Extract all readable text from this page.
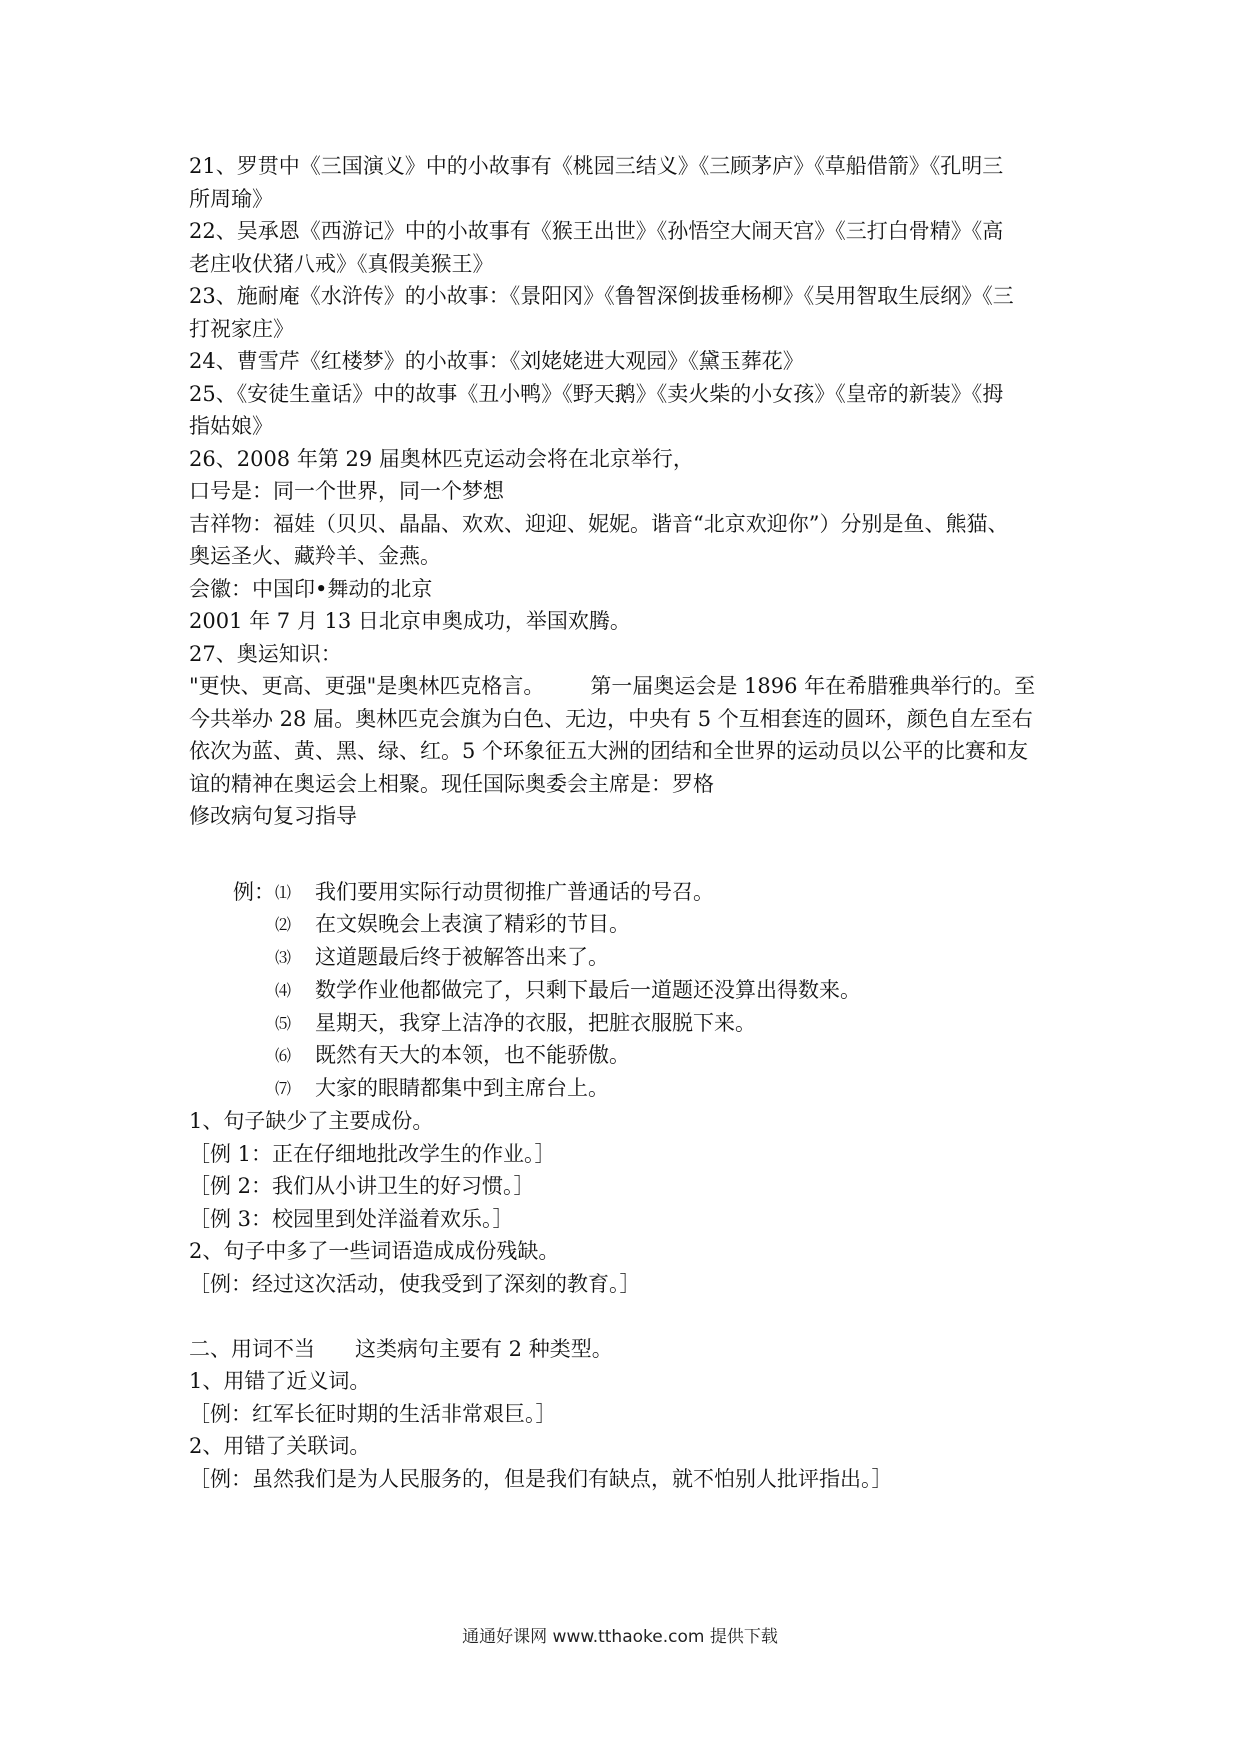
21、罗贯中《三国演义》中的小故事有《桃园三结义》《三顾茅庐》《草船借箭》《孔明三
所周瑜》
22、吴承恩《西游记》中的小故事有《猴王出世》《孙悟空大闹天宫》《三打白骨精》《高
老庄收伏猪八戒》《真假美猴王》
23、施耐庵《水浒传》的小故事：《景阳冈》《鲁智深倒拔垂杨柳》《吴用智取生辰纲》《三
打祝家庄》
24、曹雪芹《红楼梦》的小故事：《刘姥姥进大观园》《黛玉葬花》
25、《安徒生童话》中的故事《丑小鸭》《野天鹅》《卖火柴的小女孩》《皇帝的新装》《拇
指姑娘》
26、2008 年第 29 届奥林匹克运动会将在北京举行，
口号是：同一个世界，同一个梦想
吉祥物：福娃（贝贝、晶晶、欢欢、迎迎、妮妮。谐音“北京欢迎你”）分别是鱼、熊猫、
奥运圣火、藏羚羊、金燕。
会徽：中国印•舞动的北京
2001 年 7 月 13 日北京申奥成功，举国欢腾。
27、奥运知识：
"更快、更高、更强"是奥林匹克格言。 第一届奥运会是 1896 年在希腊雅典举行的。至
今共举办 28 届。奥林匹克会旗为白色、无边，中央有 5 个互相套连的圆环，颜色自左至右
依次为蓝、黄、黑、绿、红。5 个环象征五大洲的团结和全世界的运动员以公平的比赛和友
谊的精神在奥运会上相聚。现任国际奥委会主席是：罗格
修改病句复习指导
例：⑴ 我们要用实际行动贯彻推广普通话的号召。
⑵ 在文娱晚会上表演了精彩的节目。
⑶ 这道题最后终于被解答出来了。
⑷ 数学作业他都做完了，只剩下最后一道题还没算出得数来。
⑸ 星期天，我穿上洁净的衣服，把脏衣服脱下来。
⑹ 既然有天大的本领，也不能骄傲。
⑺ 大家的眼睛都集中到主席台上。
1、句子缺少了主要成份。
［例 1：正在仔细地批改学生的作业。］
［例 2：我们从小讲卫生的好习惯。］
［例 3：校园里到处洋溢着欢乐。］
2、句子中多了一些词语造成成份残缺。
［例：经过这次活动，使我受到了深刻的教育。］
二、用词不当 这类病句主要有 2 种类型。
1、用错了近义词。
［例：红军长征时期的生活非常艰巨。］
2、用错了关联词。
［例：虽然我们是为人民服务的，但是我们有缺点，就不怕别人批评指出。］
通通好课网 www.tthaoke.com 提供下载
